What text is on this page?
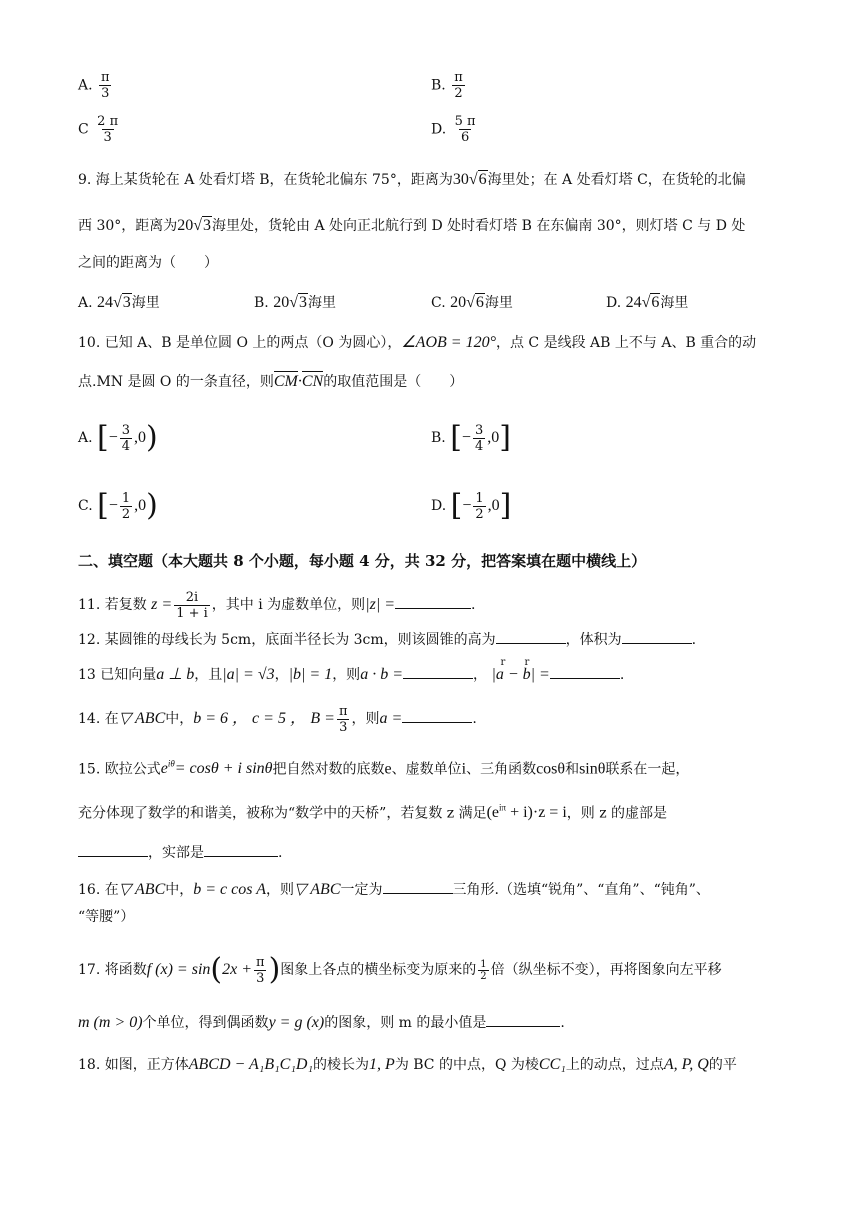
A. $\frac{\pi}{3}$	B. $\frac{\pi}{2}$
C $\frac{2 \pi}{3}$	D. $\frac{5 \pi}{6}$
9. 海上某货轮在 A 处看灯塔 B，在货轮北偏东 75°，距离为30√6海里处；在 A 处看灯塔 C，在货轮的北偏
西 30°，距离为20√3海里处，货轮由 A 处向正北航行到 D 处时看灯塔 B 在东偏南 30°，则灯塔 C 与 D 处
之间的距离为（　　）
A. 24√3海里	B. 20√3海里	C. 20√6海里	D. 24√6海里
10. 已知 A、B 是单位圆 O 上的两点（O 为圆心），∠AOB = 120°，点 C 是线段 AB 上不与 A、B 重合的动
点.MN 是圆 O 的一条直径，则CM·CN的取值范围是（　　）
A. [− $\frac{3}{4} ,0$)	B. [− $\frac{3}{4} ,0$]
C. [− $\frac{1}{2} ,0$)	D. [− $\frac{1}{2} ,0$]
二、填空题（本大题共 8 个小题，每小题 4 分，共 32 分，把答案填在题中横线上）
11. 若复数 $z = \frac{2i}{1 + i}$ ，其中 i 为虚数单位，则|z| =	.
12. 某圆锥的母线长为 5cm，底面半径长为 3cm，则该圆锥的高为	，体积为	.
13 已知向量a ⊥ b，且|a| = √3，|b| = 1，则a · b =	，
r r
|a − b| =	.
14. 在▽ ABC中，b = 6 ， c = 5 ， $B = \frac{\pi}{3}$ ，则a =	.
15. 欧拉公式$e^{i\theta}= \cos\theta + i$ sinθ把自然对数的底数e、虚数单位i、三角函数cosθ和sinθ联系在一起，
充分体现了数学的和谐美，被称为“数学中的天桥”，若复数 z 满足$(e^{i\pi} + i)\cdot z = i$，则 z 的虚部是
，实部是	.
16. 在▽ ABC中，b = c cos A，则▽ ABC一定为	三角形.（选填“锐角”、“直角”、“钝角”、
“等腰”）
17. 将函数f $(x) = \sin(2x + \frac{\pi}{3}$ )图象上各点的横坐标变为原来的 $\frac{1}{2}$ 倍（纵坐标不变），再将图象向左平移
m (m > 0)个单位，得到偶函数y = g (x)的图象，则 m 的最小值是	.
18. 如图，正方体ABCD − A₁B₁C₁D₁的棱长为1, P为 BC 的中点，Q 为棱CC₁上的动点，过点A, P, Q的平
